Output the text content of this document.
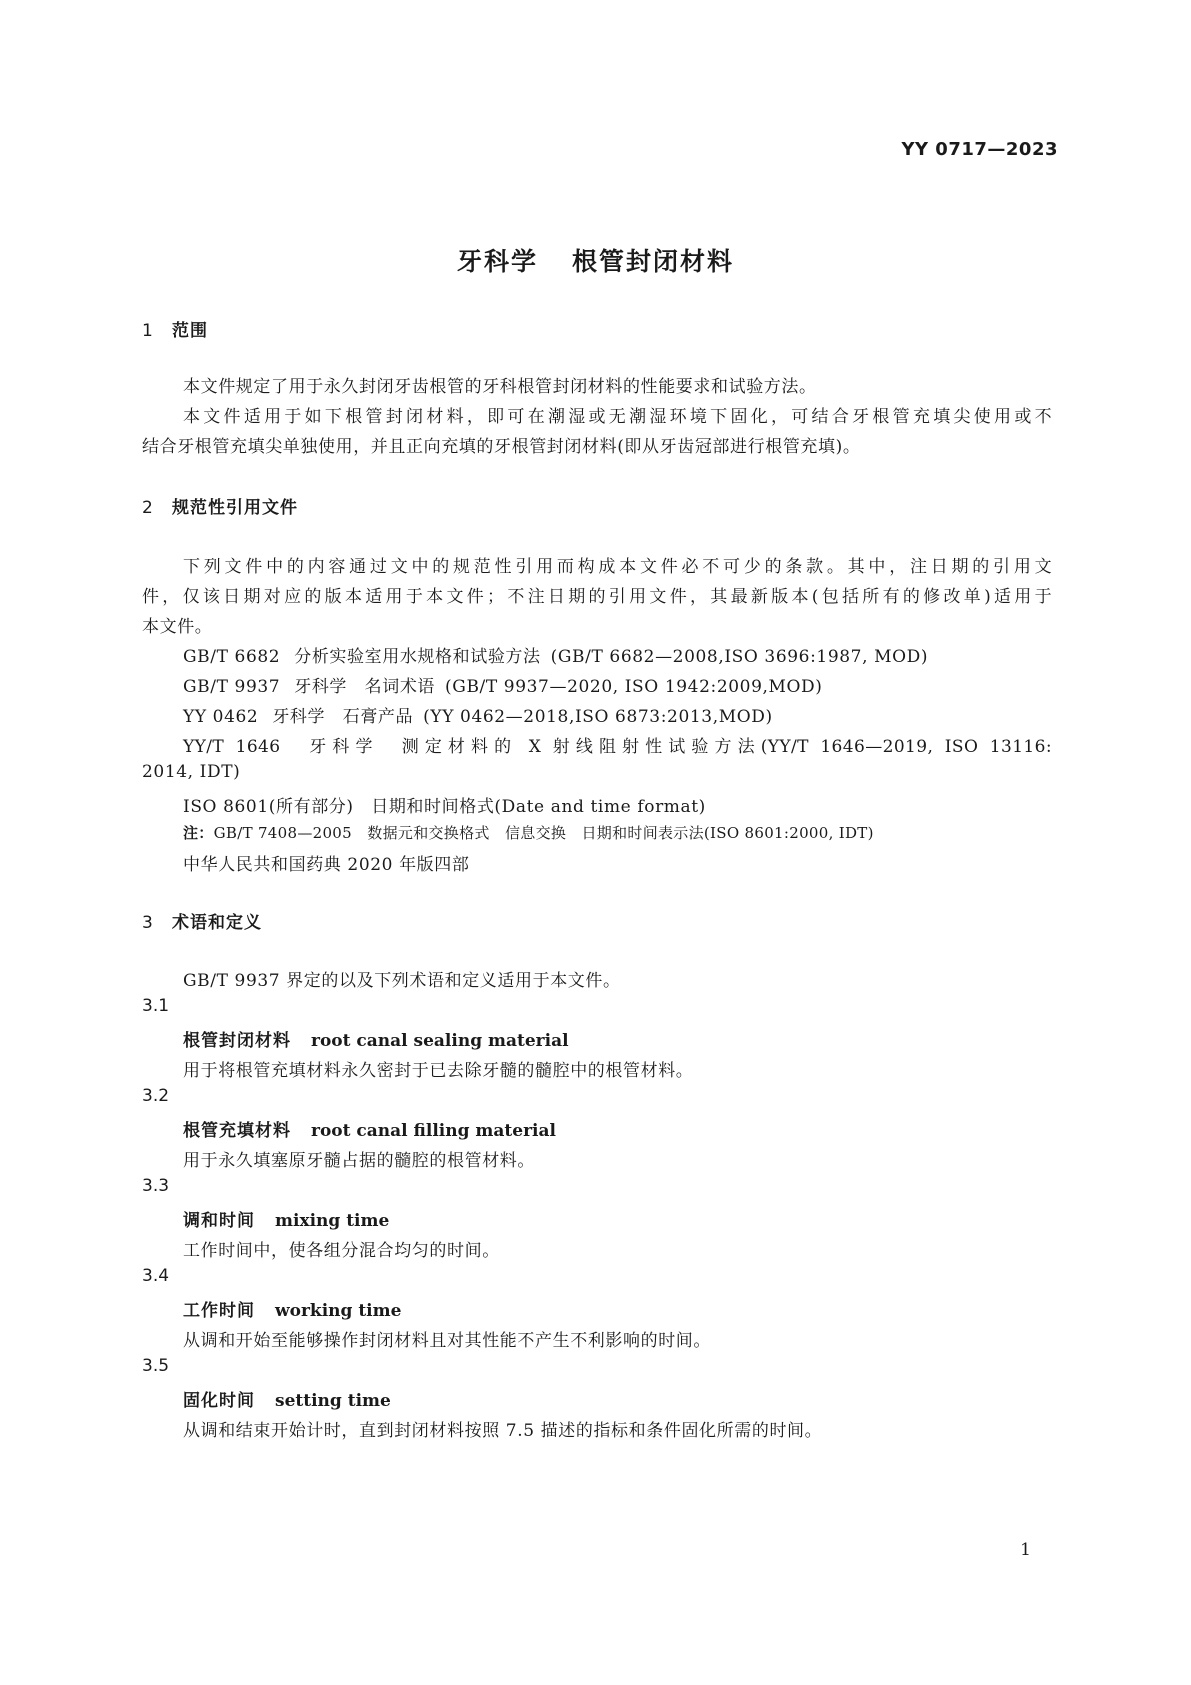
YY 0717—2023
牙科学 根管封闭材料
1 范围
本文件规定了用于永久封闭牙齿根管的牙科根管封闭材料的性能要求和试验方法。
本文件适用于如下根管封闭材料，即可在潮湿或无潮湿环境下固化，可结合牙根管充填尖使用或不
结合牙根管充填尖单独使用，并且正向充填的牙根管封闭材料(即从牙齿冠部进行根管充填)。
2 规范性引用文件
下列文件中的内容通过文中的规范性引用而构成本文件必不可少的条款。其中，注日期的引用文
件，仅该日期对应的版本适用于本文件；不注日期的引用文件，其最新版本(包括所有的修改单)适用于
本文件。
GB/T 6682 分析实验室用水规格和试验方法 (GB/T 6682—2008,ISO 3696:1987, MOD)
GB/T 9937 牙科学　名词术语 (GB/T 9937—2020, ISO 1942:2009,MOD)
YY 0462 牙科学　石膏产品 (YY 0462—2018,ISO 6873:2013,MOD)
YY/T 1646　牙科学　测定材料的 X 射线阻射性试验方法(YY/T 1646—2019, ISO 13116:
2014, IDT)
ISO 8601(所有部分)　日期和时间格式(Date and time format)
注：GB/T 7408—2005　数据元和交换格式　信息交换　日期和时间表示法(ISO 8601:2000, IDT)
中华人民共和国药典 2020 年版四部
3 术语和定义
GB/T 9937 界定的以及下列术语和定义适用于本文件。
3.1
根管封闭材料 root canal sealing material
用于将根管充填材料永久密封于已去除牙髓的髓腔中的根管材料。
3.2
根管充填材料 root canal filling material
用于永久填塞原牙髓占据的髓腔的根管材料。
3.3
调和时间 mixing time
工作时间中，使各组分混合均匀的时间。
3.4
工作时间 working time
从调和开始至能够操作封闭材料且对其性能不产生不利影响的时间。
3.5
固化时间 setting time
从调和结束开始计时，直到封闭材料按照 7.5 描述的指标和条件固化所需的时间。
1
